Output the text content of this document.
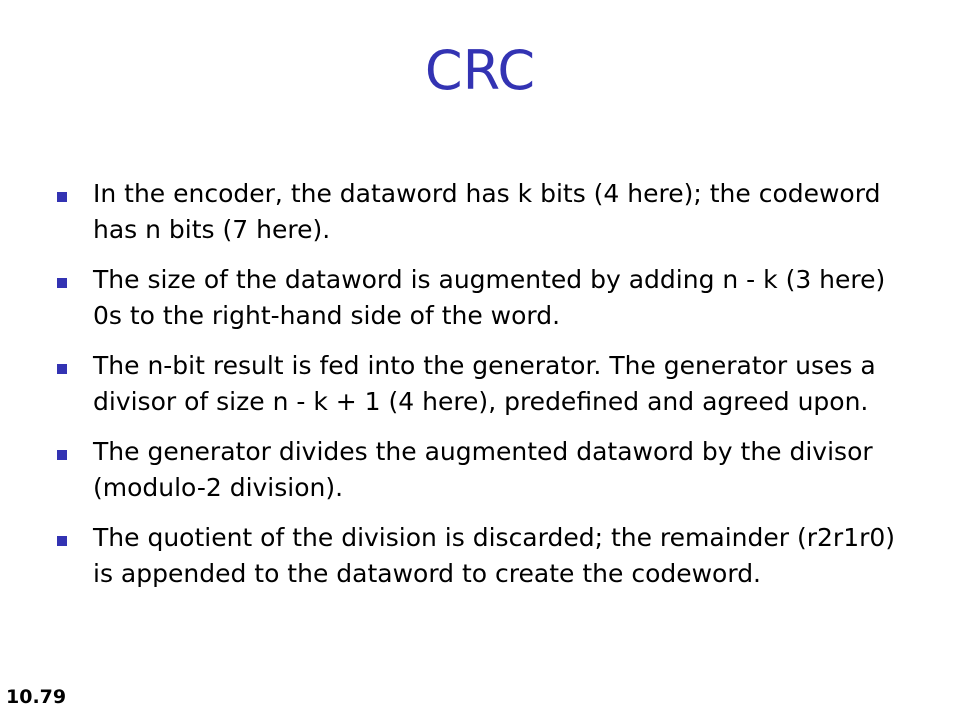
CRC
In the encoder, the dataword has k bits (4 here); the codeword has n bits (7 here).
The size of the dataword is augmented by adding n - k (3 here) 0s to the right-hand side of the word.
The n-bit result is fed into the generator. The generator uses a divisor of size n - k + 1 (4 here), predefined and agreed upon.
The generator divides the augmented dataword by the divisor (modulo-2 division).
The quotient of the division is discarded; the remainder (r2r1r0) is appended to the dataword to create the codeword.
10.79
